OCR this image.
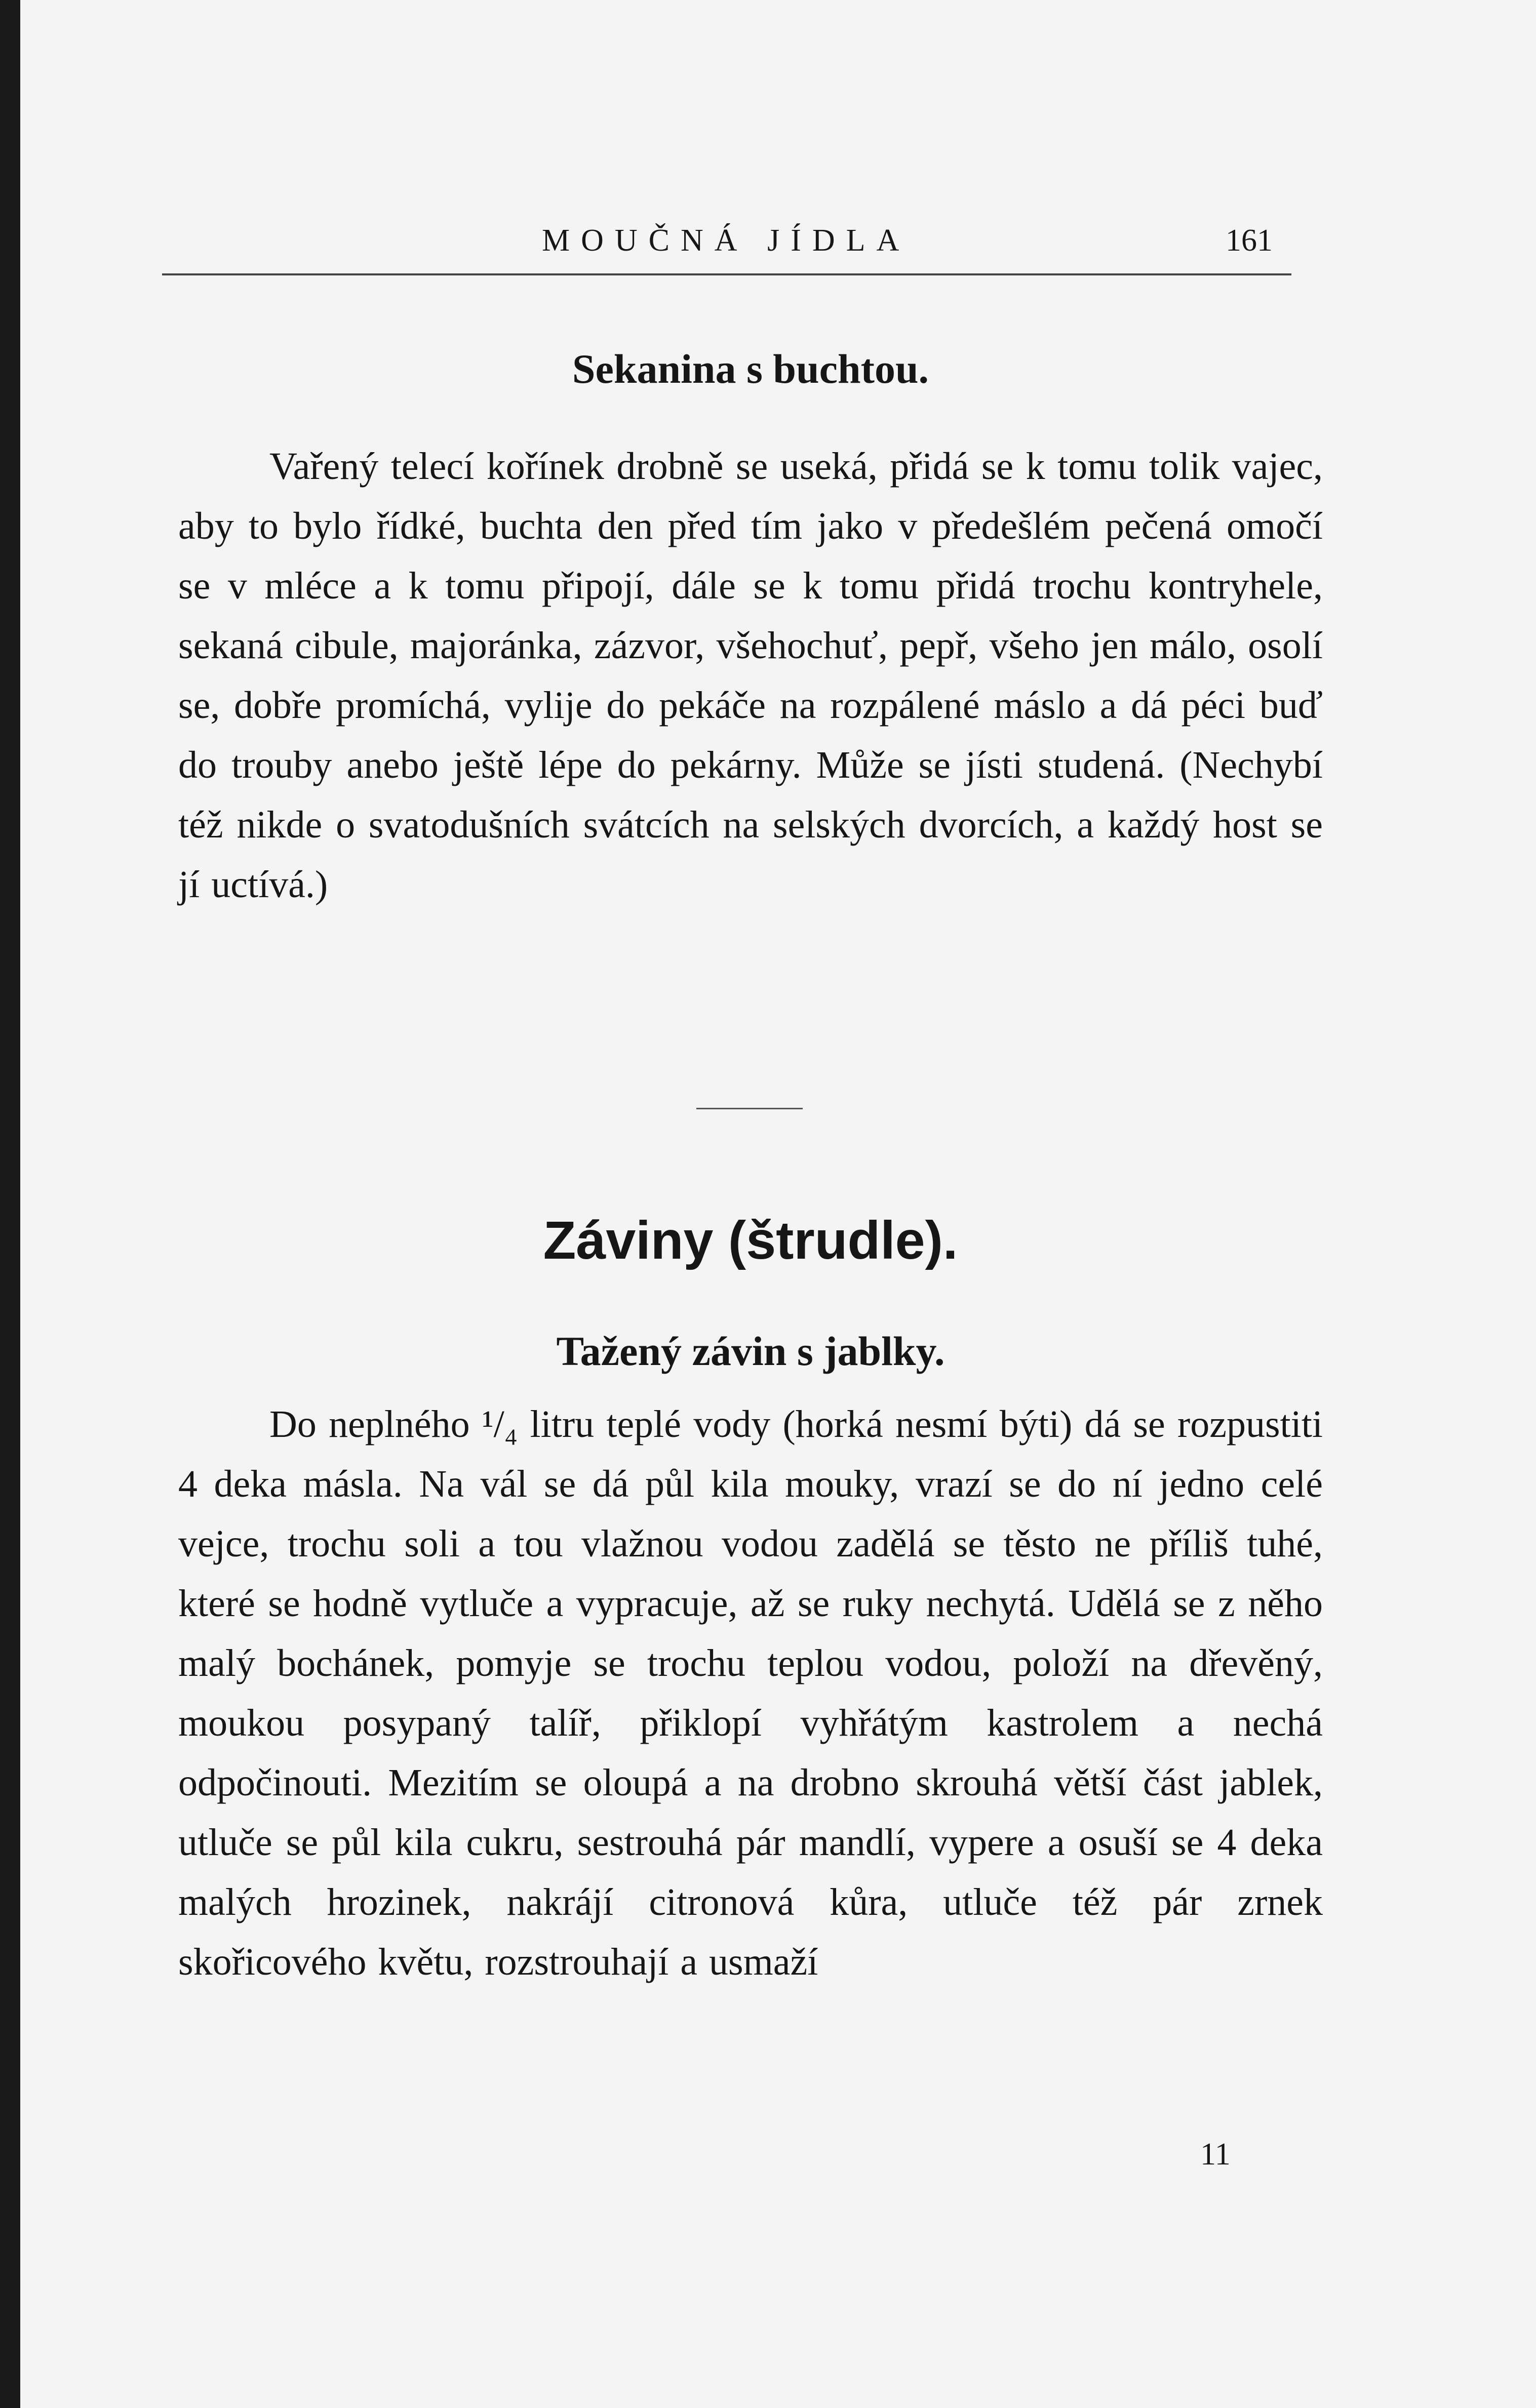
MOUČNÁ JÍDLA	161
Sekanina s buchtou.

Vařený telecí kořínek drobně se useká, přidá se k tomu tolik vajec, aby to bylo řídké, buchta den před tím jako v předešlém pečená omočí se v mléce a k tomu připojí, dále se k tomu přidá trochu kontryhele, sekaná cibule, majoránka, zázvor, všehochuť, pepř, všeho jen málo, osolí se, dobře promíchá, vylije do pekáče na rozpálené máslo a dá péci buď do trouby anebo ještě lépe do pekárny. Může se jísti studená. (Nechybí též nikde o svatodušních svátcích na selských dvorcích, a každý host se jí uctívá.)

Záviny (štrudle).
Tažený závin s jablky.

Do neplného ¹/₄ litru teplé vody (horká nesmí býti) dá se rozpustiti 4 deka másla. Na vál se dá půl kila mouky, vrazí se do ní jedno celé vejce, trochu soli a tou vlažnou vodou zadělá se těsto ne příliš tuhé, které se hodně vytluče a vypracuje, až se ruky nechytá. Udělá se z něho malý bochánek, pomyje se trochu teplou vodou, položí na dřevěný, moukou posypaný talíř, přiklopí vyhřátým kastrolem a nechá odpočinouti. Mezitím se oloupá a na drobno skrouhá větší část jablek, utluče se půl kila cukru, sestrouhá pár mandlí, vypere a osuší se 4 deka malých hrozinek, nakrájí citronová kůra, utluče též pár zrnek skořicového květu, rozstrouhají a usmaží

11
